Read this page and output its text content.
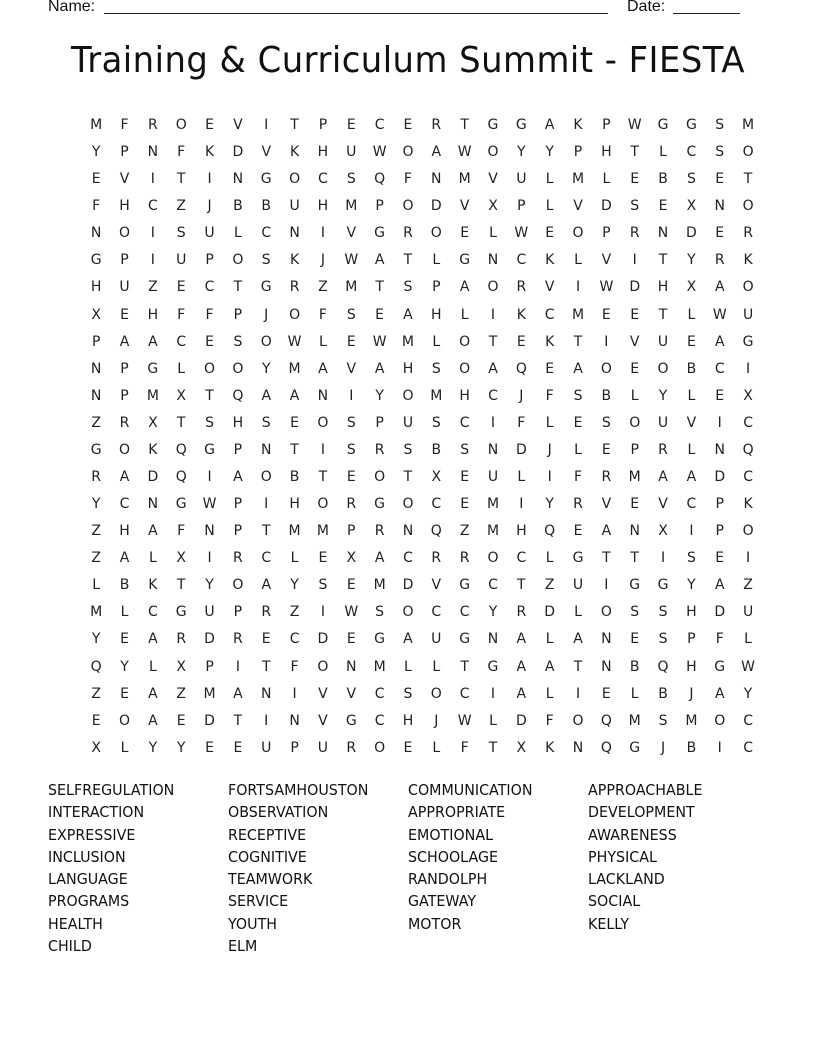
Name:	Date:
Training & Curriculum Summit - FIESTA
M	F	R	O	E	V	I	T	P	E	C	E	R	T	G	G	A	K	P	W	G	G	S	M
Y	P	N	F	K	D	V	K	H	U	W	O	A	W	O	Y	Y	P	H	T	L	C	S	O
E	V	I	T	I	N	G	O	C	S	Q	F	N	M	V	U	L	M	L	E	B	S	E	T
F	H	C	Z	J	B	B	U	H	M	P	O	D	V	X	P	L	V	D	S	E	X	N	O
N	O	I	S	U	L	C	N	I	V	G	R	O	E	L	W	E	O	P	R	N	D	E	R
G	P	I	U	P	O	S	K	J	W	A	T	L	G	N	C	K	L	V	I	T	Y	R	K
H	U	Z	E	C	T	G	R	Z	M	T	S	P	A	O	R	V	I	W	D	H	X	A	O
X	E	H	F	F	P	J	O	F	S	E	A	H	L	I	K	C	M	E	E	T	L	W	U
P	A	A	C	E	S	O	W	L	E	W	M	L	O	T	E	K	T	I	V	U	E	A	G
N	P	G	L	O	O	Y	M	A	V	A	H	S	O	A	Q	E	A	O	E	O	B	C	I
N	P	M	X	T	Q	A	A	N	I	Y	O	M	H	C	J	F	S	B	L	Y	L	E	X
Z	R	X	T	S	H	S	E	O	S	P	U	S	C	I	F	L	E	S	O	U	V	I	C
G	O	K	Q	G	P	N	T	I	S	R	S	B	S	N	D	J	L	E	P	R	L	N	Q
R	A	D	Q	I	A	O	B	T	E	O	T	X	E	U	L	I	F	R	M	A	A	D	C
Y	C	N	G	W	P	I	H	O	R	G	O	C	E	M	I	Y	R	V	E	V	C	P	K
Z	H	A	F	N	P	T	M	M	P	R	N	Q	Z	M	H	Q	E	A	N	X	I	P	O
Z	A	L	X	I	R	C	L	E	X	A	C	R	R	O	C	L	G	T	T	I	S	E	I
L	B	K	T	Y	O	A	Y	S	E	M	D	V	G	C	T	Z	U	I	G	G	Y	A	Z
M	L	C	G	U	P	R	Z	I	W	S	O	C	C	Y	R	D	L	O	S	S	H	D	U
Y	E	A	R	D	R	E	C	D	E	G	A	U	G	N	A	L	A	N	E	S	P	F	L
Q	Y	L	X	P	I	T	F	O	N	M	L	L	T	G	A	A	T	N	B	Q	H	G	W
Z	E	A	Z	M	A	N	I	V	V	C	S	O	C	I	A	L	I	E	L	B	J	A	Y
E	O	A	E	D	T	I	N	V	G	C	H	J	W	L	D	F	O	Q	M	S	M	O	C
X	L	Y	Y	E	E	U	P	U	R	O	E	L	F	T	X	K	N	Q	G	J	B	I	C
SELFREGULATION
INTERACTION
EXPRESSIVE
INCLUSION
LANGUAGE
PROGRAMS
HEALTH
CHILD
FORTSAMHOUSTON
OBSERVATION
RECEPTIVE
COGNITIVE
TEAMWORK
SERVICE
YOUTH
ELM
COMMUNICATION
APPROPRIATE
EMOTIONAL
SCHOOLAGE
RANDOLPH
GATEWAY
MOTOR
APPROACHABLE
DEVELOPMENT
AWARENESS
PHYSICAL
LACKLAND
SOCIAL
KELLY
